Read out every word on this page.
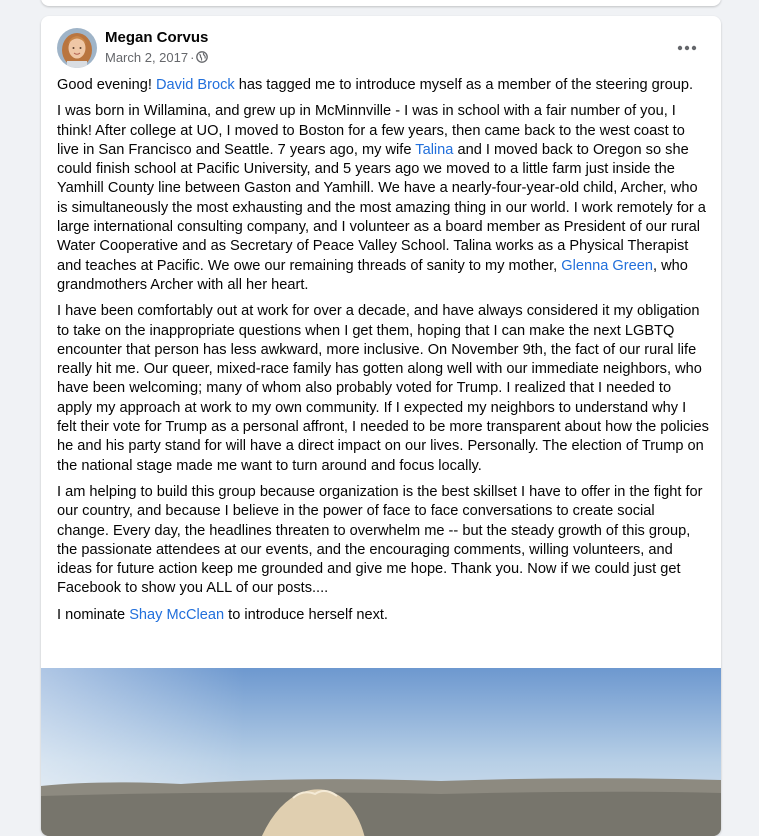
Megan Corvus
March 2, 2017 ·

Good evening! David Brock has tagged me to introduce myself as a member of the steering group.

I was born in Willamina, and grew up in McMinnville - I was in school with a fair number of you, I think! After college at UO, I moved to Boston for a few years, then came back to the west coast to live in San Francisco and Seattle. 7 years ago, my wife Talina and I moved back to Oregon so she could finish school at Pacific University, and 5 years ago we moved to a little farm just inside the Yamhill County line between Gaston and Yamhill. We have a nearly-four-year-old child, Archer, who is simultaneously the most exhausting and the most amazing thing in our world. I work remotely for a large international consulting company, and I volunteer as a board member as President of our rural Water Cooperative and as Secretary of Peace Valley School. Talina works as a Physical Therapist and teaches at Pacific. We owe our remaining threads of sanity to my mother, Glenna Green, who grandmothers Archer with all her heart.

I have been comfortably out at work for over a decade, and have always considered it my obligation to take on the inappropriate questions when I get them, hoping that I can make the next LGBTQ encounter that person has less awkward, more inclusive. On November 9th, the fact of our rural life really hit me. Our queer, mixed-race family has gotten along well with our immediate neighbors, who have been welcoming; many of whom also probably voted for Trump. I realized that I needed to apply my approach at work to my own community. If I expected my neighbors to understand why I felt their vote for Trump as a personal affront, I needed to be more transparent about how the policies he and his party stand for will have a direct impact on our lives. Personally. The election of Trump on the national stage made me want to turn around and focus locally.

I am helping to build this group because organization is the best skillset I have to offer in the fight for our country, and because I believe in the power of face to face conversations to create social change. Every day, the headlines threaten to overwhelm me -- but the steady growth of this group, the passionate attendees at our events, and the encouraging comments, willing volunteers, and ideas for future action keep me grounded and give me hope. Thank you. Now if we could just get Facebook to show you ALL of our posts....

I nominate Shay McClean to introduce herself next.
